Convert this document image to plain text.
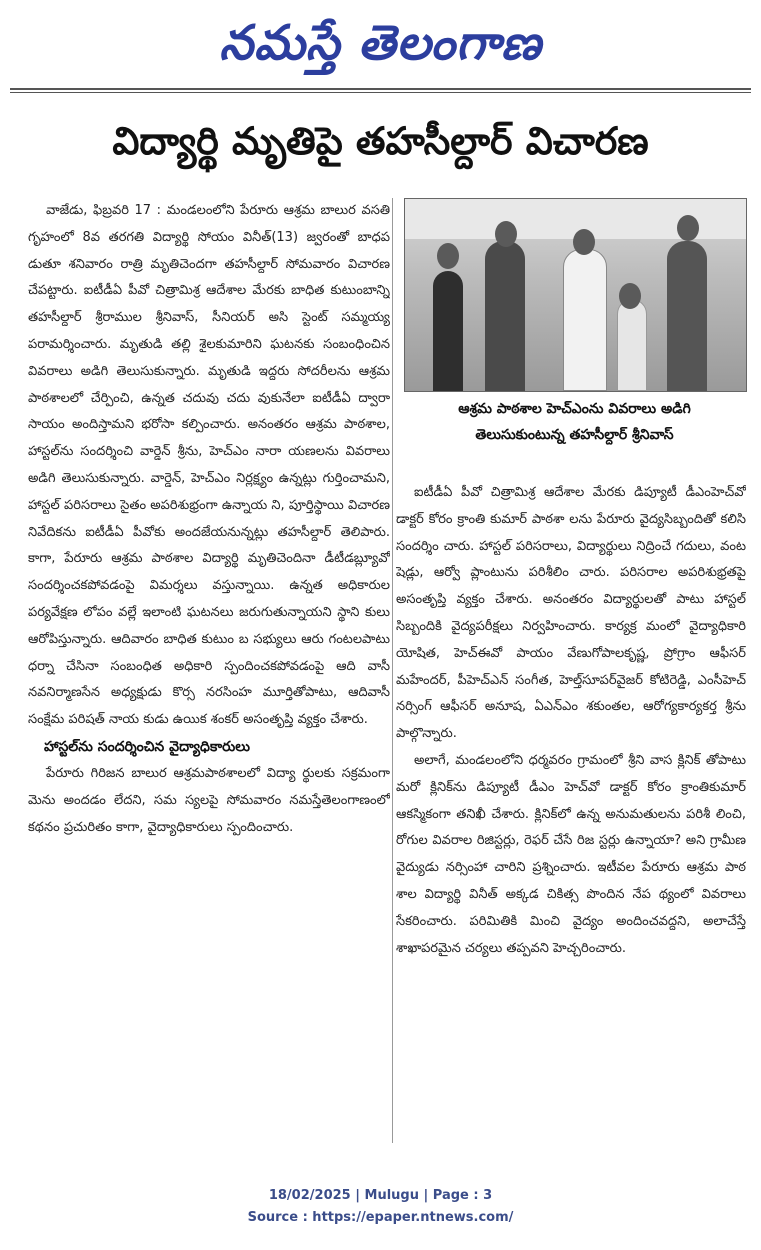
నమస్తే తెలంగాణ
విద్యార్థి మృతిపై తహసీల్దార్ విచారణ

వాజేడు, ఫిబ్రవరి 17 : మండలంలోని పేరూరు ఆశ్రమ బాలుర వసతి గృహంలో 8వ తరగతి విద్యార్థి సోయం వినీత్(13) జ్వరంతో బాధప డుతూ శనివారం రాత్రి మృతిచెందగా తహసీల్దార్ సోమవారం విచారణ చేపట్టారు. ఐటీడీఏ పీవో చిత్రామిశ్ర ఆదేశాల మేరకు బాధిత కుటుంబాన్ని తహసీల్దార్ శ్రీరాముల శ్రీనివాస్, సీనియర్ అసి స్టెంట్ సమ్మయ్య పరామర్శించారు. మృతుడి తల్లి శైలకుమారిని ఘటనకు సంబంధించిన వివరాలు అడిగి తెలుసుకున్నారు. మృతుడి ఇద్దరు సోదరీలను ఆశ్రమ పాఠశాలలో చేర్పించి, ఉన్నత చదువు చదు వుకునేలా ఐటీడీఏ ద్వారా సాయం అందిస్తామని భరోసా కల్పించారు. అనంతరం ఆశ్రమ పాఠశాల, హాస్టల్‌ను సందర్శించి వార్డెన్ శ్రీను, హెచ్ఎం నారా యణలను వివరాలు అడిగి తెలుసుకున్నారు. వార్డెన్, హెచ్ఎం నిర్లక్ష్యం ఉన్నట్లు గుర్తించామని, హాస్టల్ పరిసరాలు సైతం అపరిశుభ్రంగా ఉన్నాయ ని, పూర్తిస్థాయి విచారణ నివేదికను ఐటీడీఏ పీవోకు అందజేయనున్నట్లు తహసీల్దార్ తెలిపారు. కాగా, పేరూరు ఆశ్రమ పాఠశాల విద్యార్థి మృతిచెందినా డీటీడబ్ల్యూవో సందర్శించకపోవడంపై విమర్శలు వస్తున్నాయి. ఉన్నత అధికారుల పర్యవేక్షణ లోపం వల్లే ఇలాంటి ఘటనలు జరుగుతున్నాయని స్థాని కులు ఆరోపిస్తున్నారు. ఆదివారం బాధిత కుటుం బ సభ్యులు ఆరు గంటలపాటు ధర్నా చేసినా సంబంధిత అధికారి స్పందించకపోవడంపై ఆది వాసీ నవనిర్మాణసేన అధ్యక్షుడు కొర్స నరసింహ మూర్తితోపాటు, ఆదివాసీ సంక్షేమ పరిషత్ నాయ కుడు ఉయిక శంకర్ అసంతృప్తి వ్యక్తం చేశారు.

హాస్టల్‌ను సందర్శించిన వైద్యాధికారులు

పేరూరు గిరిజన బాలుర ఆశ్రమపాఠశాలలో విద్యా ర్థులకు సక్రమంగా మెను అందడం లేదని, సమ స్యలపై సోమవారం నమస్తేతెలంగాణంలో కథనం ప్రచురితం కాగా, వైద్యాధికారులు స్పందించారు.

ఆశ్రమ పాఠశాల హెచ్ఎంను వివరాలు అడిగి
తెలుసుకుంటున్న తహసీల్దార్ శ్రీనివాస్

ఐటీడీఏ పీవో చిత్రామిశ్ర ఆదేశాల మేరకు డిప్యూటీ డీఎంహెచ్‌వో డాక్టర్ కోరం క్రాంతి కుమార్ పాఠశా లను పేరూరు వైద్యసిబ్బందితో కలిసి సందర్శిం చారు. హాస్టల్ పరిసరాలు, విద్యార్థులు నిద్రించే గదులు, వంట షెడ్లు, ఆర్వో ప్లాంటును పరిశీలిం చారు. పరిసరాల అపరిశుభ్రతపై అసంతృప్తి వ్యక్తం చేశారు. అనంతరం విద్యార్థులతో పాటు హాస్టల్ సిబ్బందికి వైద్యపరీక్షలు నిర్వహించారు. కార్యక్ర మంలో వైద్యాధికారి యోషిత, హెచ్ఈవో పాయం వేణుగోపాలకృష్ణ, ప్రోగ్రాం ఆఫీసర్ మహేందర్, పీహెచ్ఎన్ సంగీత, హెల్త్‌సూపర్‌వైజర్ కోటిరెడ్డి, ఎంసీహెచ్ నర్సింగ్ ఆఫీసర్ అనూష, ఏఎన్ఎం శకుంతల, ఆరోగ్యకార్యకర్త శ్రీను పాల్గొన్నారు.

అలాగే, మండలంలోని ధర్మవరం గ్రామంలో శ్రీని వాస క్లినిక్ తోపాటు మరో క్లినిక్‌ను డిప్యూటీ డీఎం హెచ్‌వో డాక్టర్ కోరం క్రాంతికుమార్ ఆకస్మికంగా తనిఖీ చేశారు. క్లినిక్‌లో ఉన్న అనుమతులను పరిశీ లించి, రోగుల వివరాల రిజిస్టర్లు, రెఫర్ చేసే రిజ స్టర్లు ఉన్నాయా? అని గ్రామీణ వైద్యుడు నర్సింహా చారిని ప్రశ్నించారు. ఇటీవల పేరూరు ఆశ్రమ పాఠ శాల విద్యార్థి వినీత్ అక్కడ చికిత్స పొందిన నేప థ్యంలో వివరాలు సేకరించారు. పరిమితికి మించి వైద్యం అందించవద్దని, అలాచేస్తే శాఖాపరమైన చర్యలు తప్పవని హెచ్చరించారు.

18/02/2025 | Mulugu | Page : 3
Source : https://epaper.ntnews.com/
